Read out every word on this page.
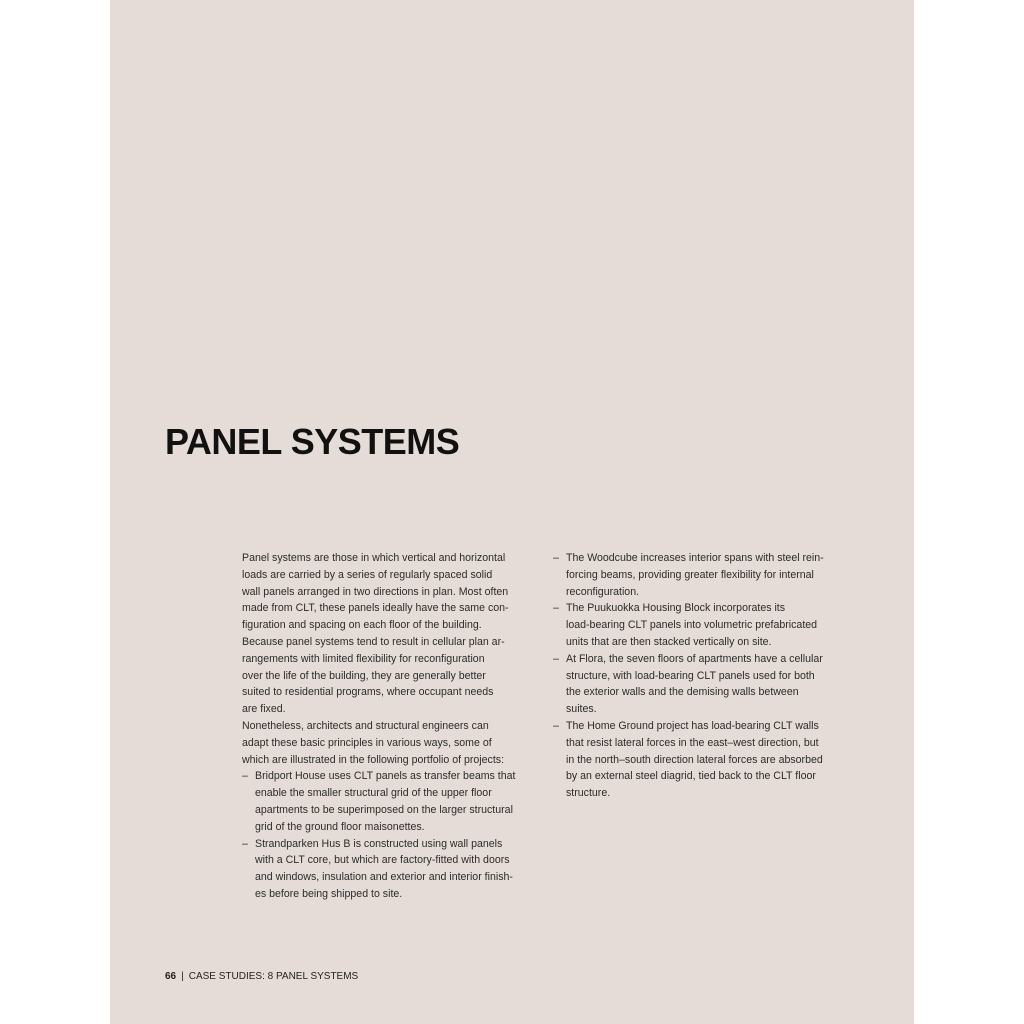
PANEL SYSTEMS

Panel systems are those in which vertical and horizontal
loads are carried by a series of regularly spaced solid
wall panels arranged in two directions in plan. Most often
made from CLT, these panels ideally have the same con-
figuration and spacing on each floor of the building.
Because panel systems tend to result in cellular plan ar-
rangements with limited flexibility for reconfiguration
over the life of the building, they are generally better
suited to residential programs, where occupant needs
are fixed.

Nonetheless, architects and structural engineers can
adapt these basic principles in various ways, some of
which are illustrated in the following portfolio of projects:

– Bridport House uses CLT panels as transfer beams that
enable the smaller structural grid of the upper floor
apartments to be superimposed on the larger structural
grid of the ground floor maisonettes.
– Strandparken Hus B is constructed using wall panels
with a CLT core, but which are factory-fitted with doors
and windows, insulation and exterior and interior finish-
es before being shipped to site.
– The Woodcube increases interior spans with steel rein-
forcing beams, providing greater flexibility for internal
reconfiguration.
– The Puukuokka Housing Block incorporates its
load-bearing CLT panels into volumetric prefabricated
units that are then stacked vertically on site.
– At Flora, the seven floors of apartments have a cellular
structure, with load-bearing CLT panels used for both
the exterior walls and the demising walls between
suites.
– The Home Ground project has load-bearing CLT walls
that resist lateral forces in the east–west direction, but
in the north–south direction lateral forces are absorbed
by an external steel diagrid, tied back to the CLT floor
structure.
66 | CASE STUDIES: 8 PANEL SYSTEMS
